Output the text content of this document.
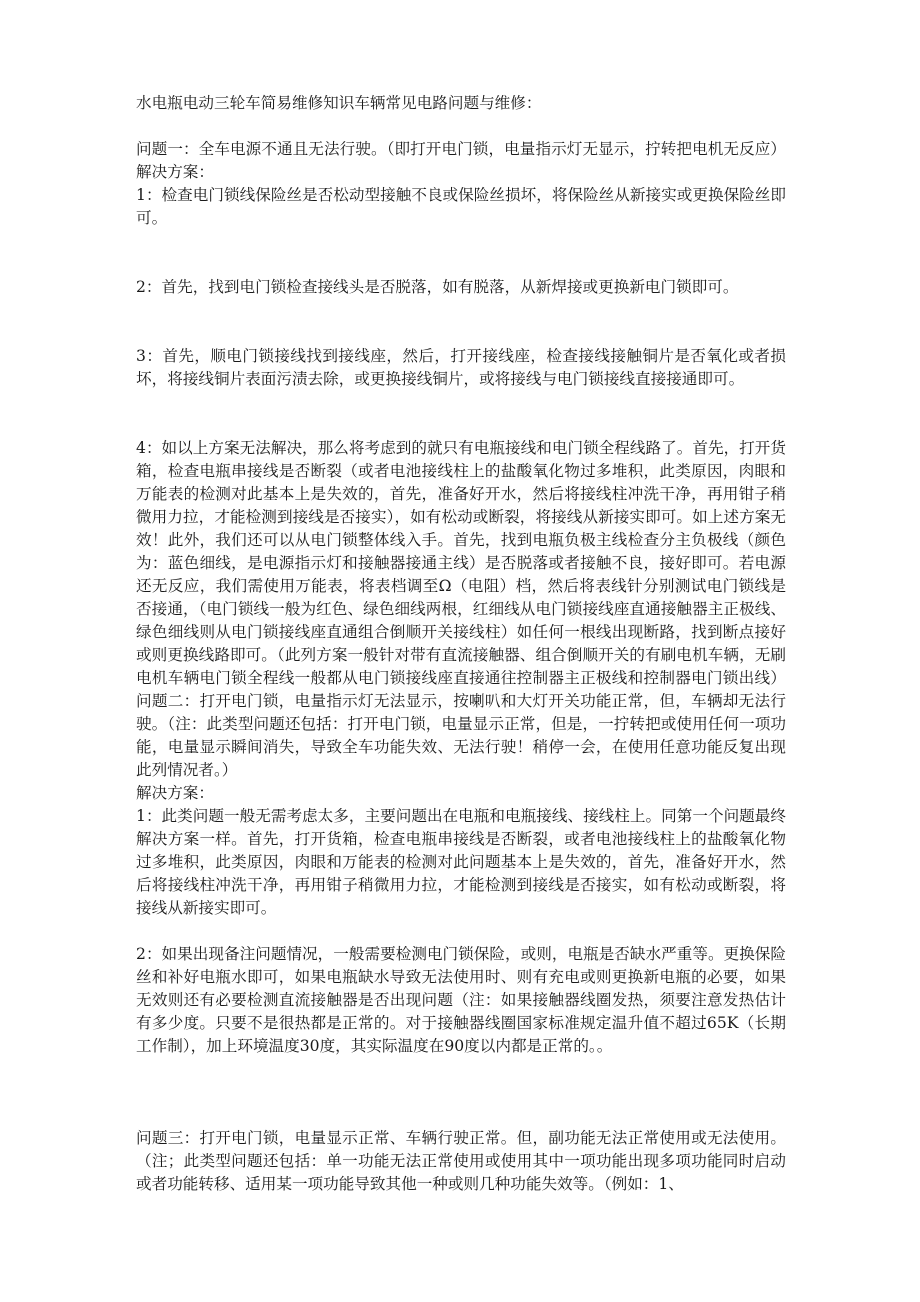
水电瓶电动三轮车简易维修知识车辆常见电路问题与维修：

问题一：全车电源不通且无法行驶。（即打开电门锁，电量指示灯无显示，拧转把电机无反应）解决方案：

1：检查电门锁线保险丝是否松动型接触不良或保险丝损坏，将保险丝从新接实或更换保险丝即可。

2：首先，找到电门锁检查接线头是否脱落，如有脱落，从新焊接或更换新电门锁即可。

3：首先，顺电门锁接线找到接线座，然后，打开接线座，检查接线接触铜片是否氧化或者损坏，将接线铜片表面污渍去除，或更换接线铜片，或将接线与电门锁接线直接接通即可。

4：如以上方案无法解决，那么将考虑到的就只有电瓶接线和电门锁全程线路了。首先，打开货箱，检查电瓶串接线是否断裂（或者电池接线柱上的盐酸氧化物过多堆积，此类原因，肉眼和万能表的检测对此基本上是失效的，首先，准备好开水，然后将接线柱冲洗干净，再用钳子稍微用力拉，才能检测到接线是否接实），如有松动或断裂，将接线从新接实即可。如上述方案无效！此外，我们还可以从电门锁整体线入手。首先，找到电瓶负极主线检查分主负极线（颜色为：蓝色细线，是电源指示灯和接触器接通主线）是否脱落或者接触不良，接好即可。若电源还无反应，我们需使用万能表，将表档调至Ω（电阻）档，然后将表线针分别测试电门锁线是否接通，（电门锁线一般为红色、绿色细线两根，红细线从电门锁接线座直通接触器主正极线、绿色细线则从电门锁接线座直通组合倒顺开关接线柱）如任何一根线出现断路，找到断点接好或则更换线路即可。（此列方案一般针对带有直流接触器、组合倒顺开关的有刷电机车辆，无刷电机车辆电门锁全程线一般都从电门锁接线座直接通往控制器主正极线和控制器电门锁出线）问题二：打开电门锁，电量指示灯无法显示，按喇叭和大灯开关功能正常，但，车辆却无法行驶。（注：此类型问题还包括：打开电门锁，电量显示正常，但是，一拧转把或使用任何一项功能，电量显示瞬间消失，导致全车功能失效、无法行驶！稍停一会，在使用任意功能反复出现此列情况者。）

解决方案：

1：此类问题一般无需考虑太多，主要问题出在电瓶和电瓶接线、接线柱上。同第一个问题最终解决方案一样。首先，打开货箱，检查电瓶串接线是否断裂，或者电池接线柱上的盐酸氧化物过多堆积，此类原因，肉眼和万能表的检测对此问题基本上是失效的，首先，准备好开水，然后将接线柱冲洗干净，再用钳子稍微用力拉，才能检测到接线是否接实，如有松动或断裂，将接线从新接实即可。

2：如果出现备注问题情况，一般需要检测电门锁保险，或则，电瓶是否缺水严重等。更换保险丝和补好电瓶水即可，如果电瓶缺水导致无法使用时、则有充电或则更换新电瓶的必要，如果无效则还有必要检测直流接触器是否出现问题（注：如果接触器线圈发热，须要注意发热估计有多少度。只要不是很热都是正常的。对于接触器线圈国家标准规定温升值不超过65K（长期工作制），加上环境温度30度，其实际温度在90度以内都是正常的。。

问题三：打开电门锁，电量显示正常、车辆行驶正常。但，副功能无法正常使用或无法使用。（注；此类型问题还包括：单一功能无法正常使用或使用其中一项功能出现多项功能同时启动或者功能转移、适用某一项功能导致其他一种或则几种功能失效等。（例如：1、
